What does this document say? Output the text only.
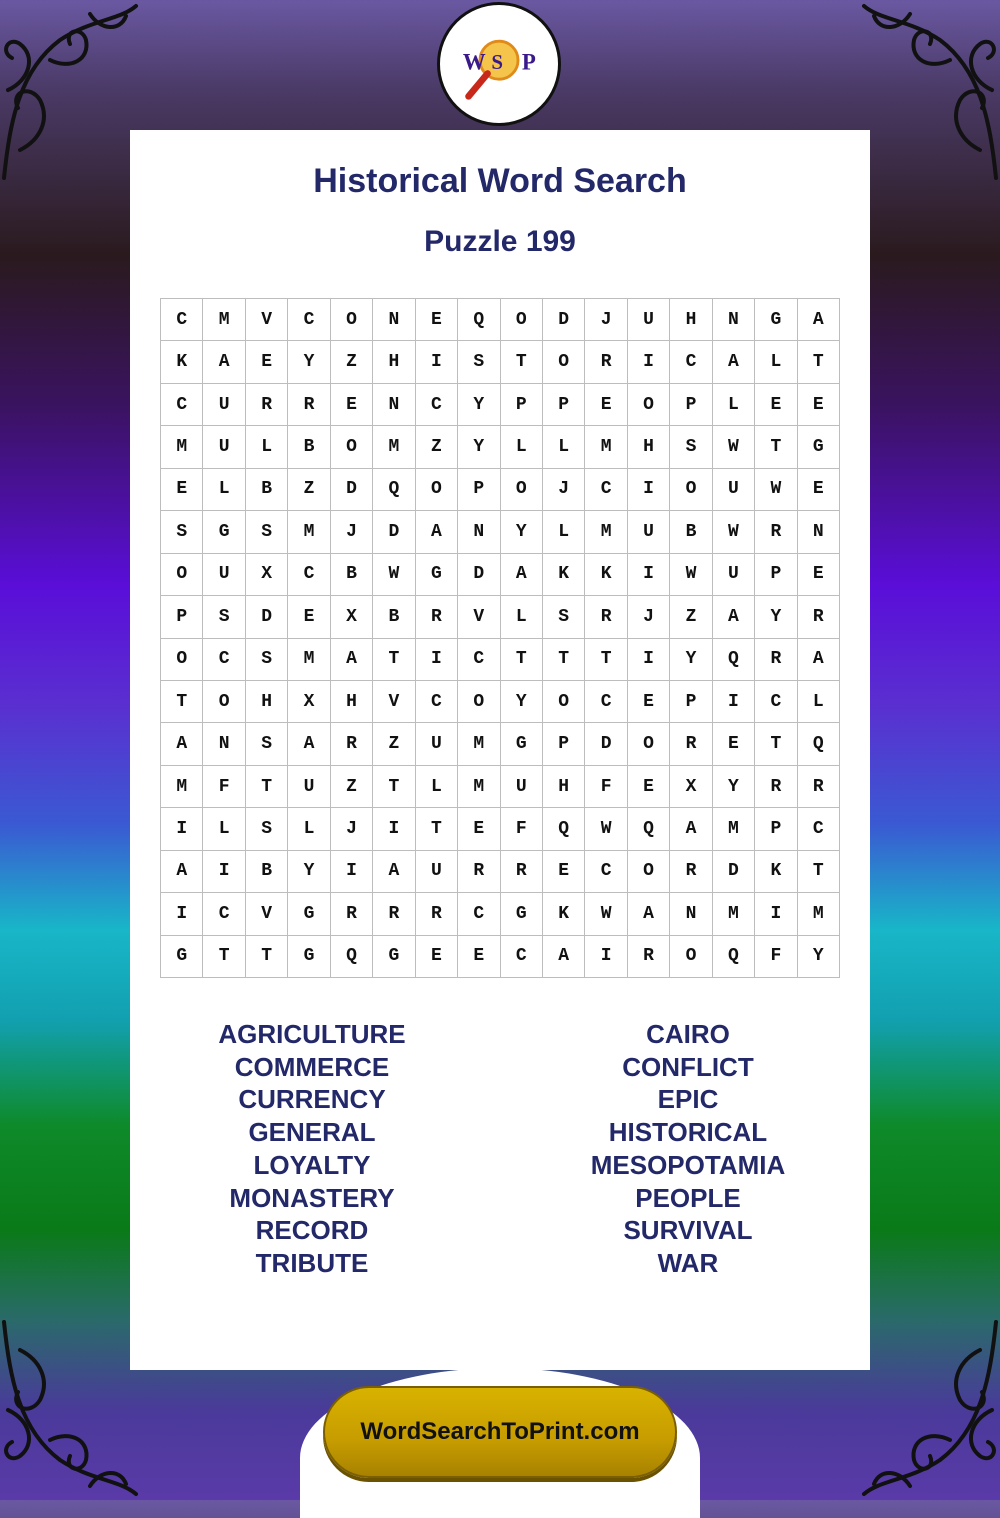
W S P
Historical Word Search
Puzzle 199
C	M	V	C	O	N	E	Q	O	D	J	U	H	N	G	A
K	A	E	Y	Z	H	I	S	T	O	R	I	C	A	L	T
C	U	R	R	E	N	C	Y	P	P	E	O	P	L	E	E
M	U	L	B	O	M	Z	Y	L	L	M	H	S	W	T	G
E	L	B	Z	D	Q	O	P	O	J	C	I	O	U	W	E
S	G	S	M	J	D	A	N	Y	L	M	U	B	W	R	N
O	U	X	C	B	W	G	D	A	K	K	I	W	U	P	E
P	S	D	E	X	B	R	V	L	S	R	J	Z	A	Y	R
O	C	S	M	A	T	I	C	T	T	T	I	Y	Q	R	A
T	O	H	X	H	V	C	O	Y	O	C	E	P	I	C	L
A	N	S	A	R	Z	U	M	G	P	D	O	R	E	T	Q
M	F	T	U	Z	T	L	M	U	H	F	E	X	Y	R	R
I	L	S	L	J	I	T	E	F	Q	W	Q	A	M	P	C
A	I	B	Y	I	A	U	R	R	E	C	O	R	D	K	T
I	C	V	G	R	R	R	C	G	K	W	A	N	M	I	M
G	T	T	G	Q	G	E	E	C	A	I	R	O	Q	F	Y
AGRICULTURE
COMMERCE
CURRENCY
GENERAL
LOYALTY
MONASTERY
RECORD
TRIBUTE
CAIRO
CONFLICT
EPIC
HISTORICAL
MESOPOTAMIA
PEOPLE
SURVIVAL
WAR
WordSearchToPrint.com
